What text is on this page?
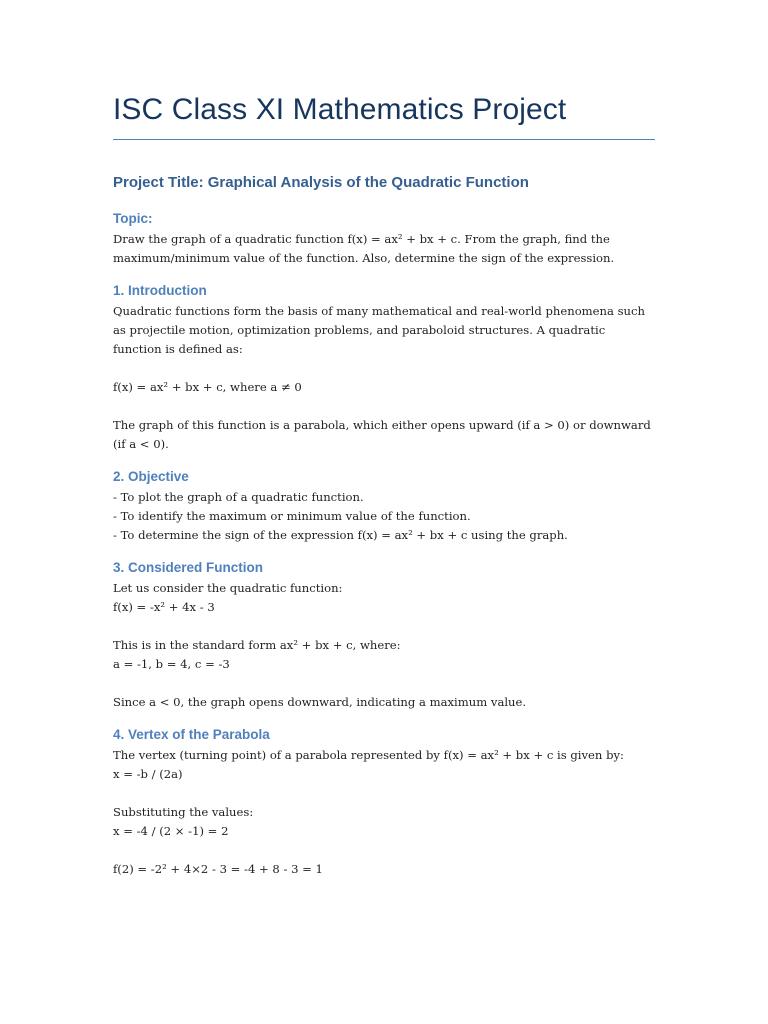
ISC Class XI Mathematics Project
Project Title: Graphical Analysis of the Quadratic Function
Topic:

Draw the graph of a quadratic function f(x) = ax² + bx + c. From the graph, find the

maximum/minimum value of the function. Also, determine the sign of the expression.

1. Introduction

Quadratic functions form the basis of many mathematical and real-world phenomena such

as projectile motion, optimization problems, and paraboloid structures. A quadratic

function is defined as:

f(x) = ax² + bx + c, where a ≠ 0

The graph of this function is a parabola, which either opens upward (if a > 0) or downward

(if a < 0).

2. Objective

- To plot the graph of a quadratic function.

- To identify the maximum or minimum value of the function.

- To determine the sign of the expression f(x) = ax² + bx + c using the graph.

3. Considered Function

Let us consider the quadratic function:

f(x) = -x² + 4x - 3

This is in the standard form ax² + bx + c, where:

a = -1, b = 4, c = -3

Since a < 0, the graph opens downward, indicating a maximum value.

4. Vertex of the Parabola

The vertex (turning point) of a parabola represented by f(x) = ax² + bx + c is given by:

x = -b / (2a)

Substituting the values:

x = -4 / (2 × -1) = 2

f(2) = -2² + 4×2 - 3 = -4 + 8 - 3 = 1
